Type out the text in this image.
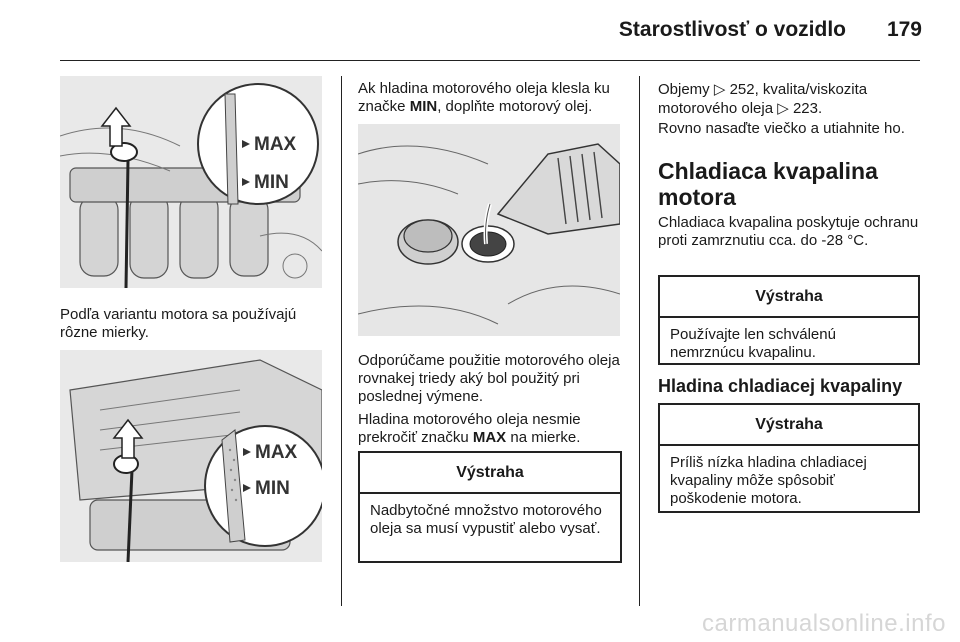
Starostlivosť o vozidlo	179
MAX
MIN

Podľa variantu motora sa používajú rôzne mierky.

MAX
MIN

Ak hladina motorového oleja klesla ku značke MIN, doplňte motorový olej.

Odporúčame použitie motorového oleja rovnakej triedy aký bol použitý pri poslednej výmene.

Hladina motorového oleja nesmie prekročiť značku MAX na mierke.

Výstraha
Nadbytočné množstvo motorového oleja sa musí vypustiť alebo vysať.

Objemy ▷ 252, kvalita/viskozita motorového oleja ▷ 223.

Rovno nasaďte viečko a utiahnite ho.

Chladiaca kvapalina motora

Chladiaca kvapalina poskytuje ochranu proti zamrznutiu cca. do -28 °C.

Výstraha
Používajte len schválenú nemrznúcu kvapalinu.
Hladina chladiacej kvapaliny
Výstraha
Príliš nízka hladina chladiacej kvapaliny môže spôsobiť poškodenie motora.
carmanualsonline.info
